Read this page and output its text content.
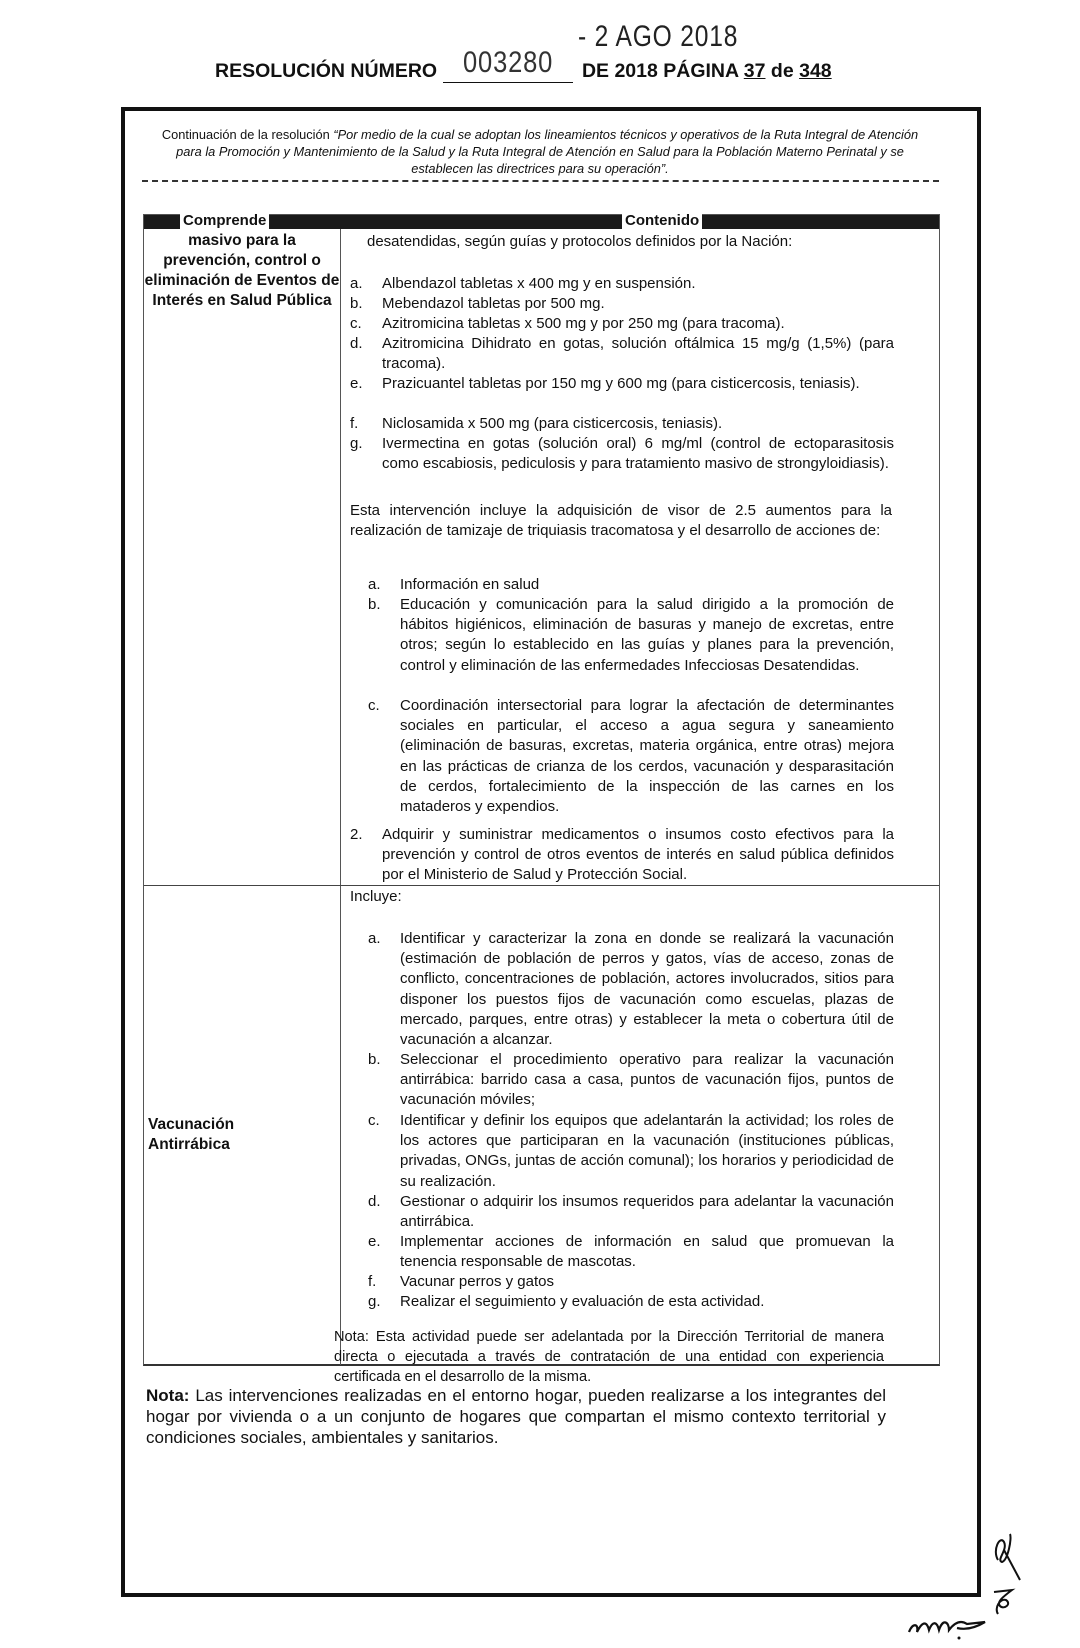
- 2 AGO 2018
RESOLUCIÓN NÚMERO 003280 DE 2018 PÁGINA 37 de 348
Continuación de la resolución “Por medio de la cual se adoptan los lineamientos técnicos y operativos de la Ruta Integral de Atención para la Promoción y Mantenimiento de la Salud y la Ruta Integral de Atención en Salud para la Población Materno Perinatal y se establecen las directrices para su operación”.
Comprende	Contenido
masivo para la prevención, control o eliminación de Eventos de Interés en Salud Pública
Vacunación Antirrábica
desatendidas, según guías y protocolos definidos por la Nación:
a. Albendazol tabletas x 400 mg y en suspensión.
b. Mebendazol tabletas por 500 mg.
c. Azitromicina tabletas x 500 mg y por 250 mg (para tracoma).
d. Azitromicina Dihidrato en gotas, solución oftálmica 15 mg/g (1,5%) (para tracoma).
e. Prazicuantel tabletas por 150 mg y 600 mg (para cisticercosis, teniasis).
f. Niclosamida x 500 mg (para cisticercosis, teniasis).
g. Ivermectina en gotas (solución oral) 6 mg/ml (control de ectoparasitosis como escabiosis, pediculosis y para tratamiento masivo de strongyloidiasis).
Esta intervención incluye la adquisición de visor de 2.5 aumentos para la realización de tamizaje de triquiasis tracomatosa y el desarrollo de acciones de:
a. Información en salud
b. Educación y comunicación para la salud dirigido a la promoción de hábitos higiénicos, eliminación de basuras y manejo de excretas, entre otros; según lo establecido en las guías y planes para la prevención, control y eliminación de las enfermedades Infecciosas Desatendidas.
c. Coordinación intersectorial para lograr la afectación de determinantes sociales en particular, el acceso a agua segura y saneamiento (eliminación de basuras, excretas, materia orgánica, entre otras) mejora en las prácticas de crianza de los cerdos, vacunación y desparasitación de cerdos, fortalecimiento de la inspección de las carnes en los mataderos y expendios.
2. Adquirir y suministrar medicamentos o insumos costo efectivos para la prevención y control de otros eventos de interés en salud pública definidos por el Ministerio de Salud y Protección Social.
Incluye:
a. Identificar y caracterizar la zona en donde se realizará la vacunación (estimación de población de perros y gatos, vías de acceso, zonas de conflicto, concentraciones de población, actores involucrados, sitios para disponer los puestos fijos de vacunación como escuelas, plazas de mercado, parques, entre otras) y establecer la meta o cobertura útil de vacunación a alcanzar.
b. Seleccionar el procedimiento operativo para realizar la vacunación antirrábica: barrido casa a casa, puntos de vacunación fijos, puntos de vacunación móviles;
c. Identificar y definir los equipos que adelantarán la actividad; los roles de los actores que participaran en la vacunación (instituciones públicas, privadas, ONGs, juntas de acción comunal); los horarios y periodicidad de su realización.
d. Gestionar o adquirir los insumos requeridos para adelantar la vacunación antirrábica.
e. Implementar acciones de información en salud que promuevan la tenencia responsable de mascotas.
f. Vacunar perros y gatos
g. Realizar el seguimiento y evaluación de esta actividad.
Nota: Esta actividad puede ser adelantada por la Dirección Territorial de manera directa o ejecutada a través de contratación de una entidad con experiencia certificada en el desarrollo de la misma.
Nota: Las intervenciones realizadas en el entorno hogar, pueden realizarse a los integrantes del hogar por vivienda o a un conjunto de hogares que compartan el mismo contexto territorial y condiciones sociales, ambientales y sanitarios.
